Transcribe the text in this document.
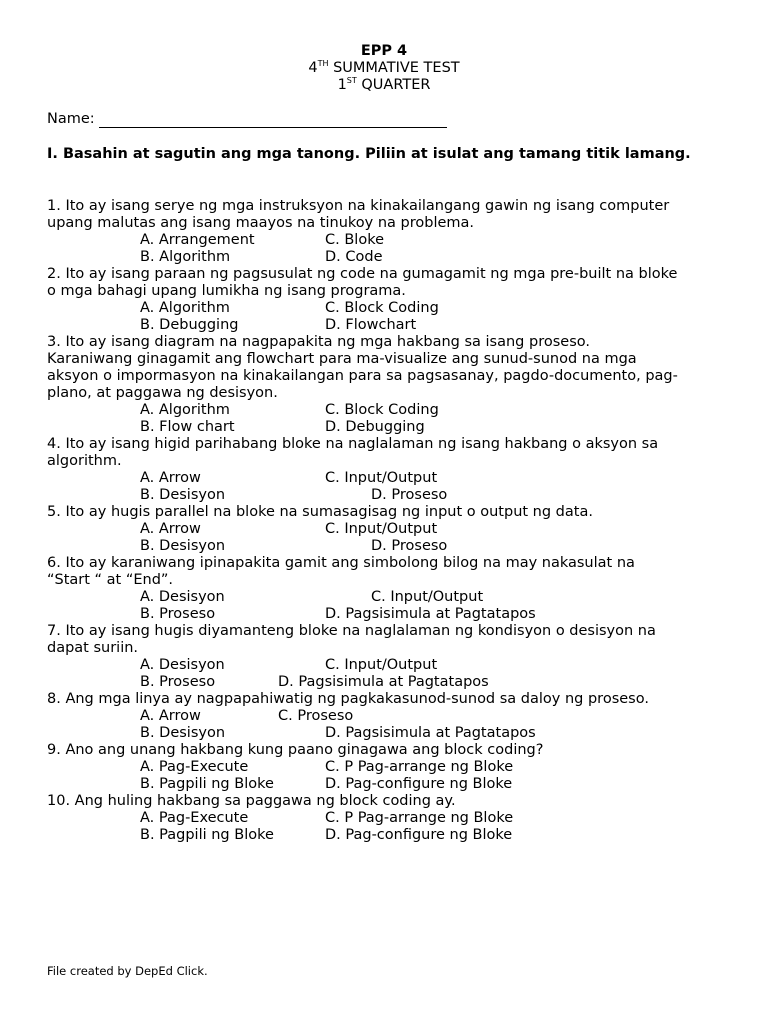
EPP 4
4TH SUMMATIVE TEST
1ST QUARTER
Name:
I. Basahin at sagutin ang mga tanong. Piliin at isulat ang tamang titik lamang.
1. Ito ay isang serye ng mga instruksyon na kinakailangang gawin ng isang computer
upang malutas ang isang maayos na tinukoy na problema.
A. Arrangement	C. Bloke
B. Algorithm	D. Code
2. Ito ay isang paraan ng pagsusulat ng code na gumagamit ng mga pre-built na bloke
o mga bahagi upang lumikha ng isang programa.
A. Algorithm	C. Block Coding
B. Debugging	D. Flowchart
3. Ito ay isang diagram na nagpapakita ng mga hakbang sa isang proseso.
Karaniwang ginagamit ang flowchart para ma-visualize ang sunud-sunod na mga
aksyon o impormasyon na kinakailangan para sa pagsasanay, pagdo-documento, pag-
plano, at paggawa ng desisyon.
A. Algorithm	C. Block Coding
B. Flow chart	D. Debugging
4. Ito ay isang higid parihabang bloke na naglalaman ng isang hakbang o aksyon sa
algorithm.
A. Arrow	C. Input/Output
B. Desisyon	D. Proseso
5. Ito ay hugis parallel na bloke na sumasagisag ng input o output ng data.
A. Arrow	C. Input/Output
B. Desisyon	D. Proseso
6. Ito ay karaniwang ipinapakita gamit ang simbolong bilog na may nakasulat na
“Start “ at “End”.
A. Desisyon	C. Input/Output
B. Proseso	D. Pagsisimula at Pagtatapos
7. Ito ay isang hugis diyamanteng bloke na naglalaman ng kondisyon o desisyon na
dapat suriin.
A. Desisyon	C. Input/Output
B. Proseso	D. Pagsisimula at Pagtatapos
8. Ang mga linya ay nagpapahiwatig ng pagkakasunod-sunod sa daloy ng proseso.
A. Arrow	C. Proseso
B. Desisyon	D. Pagsisimula at Pagtatapos
9. Ano ang unang hakbang kung paano ginagawa ang block coding?
A. Pag-Execute	C. P Pag-arrange ng Bloke
B. Pagpili ng Bloke	D. Pag-configure ng Bloke
10. Ang huling hakbang sa paggawa ng block coding ay.
A. Pag-Execute	C. P Pag-arrange ng Bloke
B. Pagpili ng Bloke	D. Pag-configure ng Bloke
File created by DepEd Click.
